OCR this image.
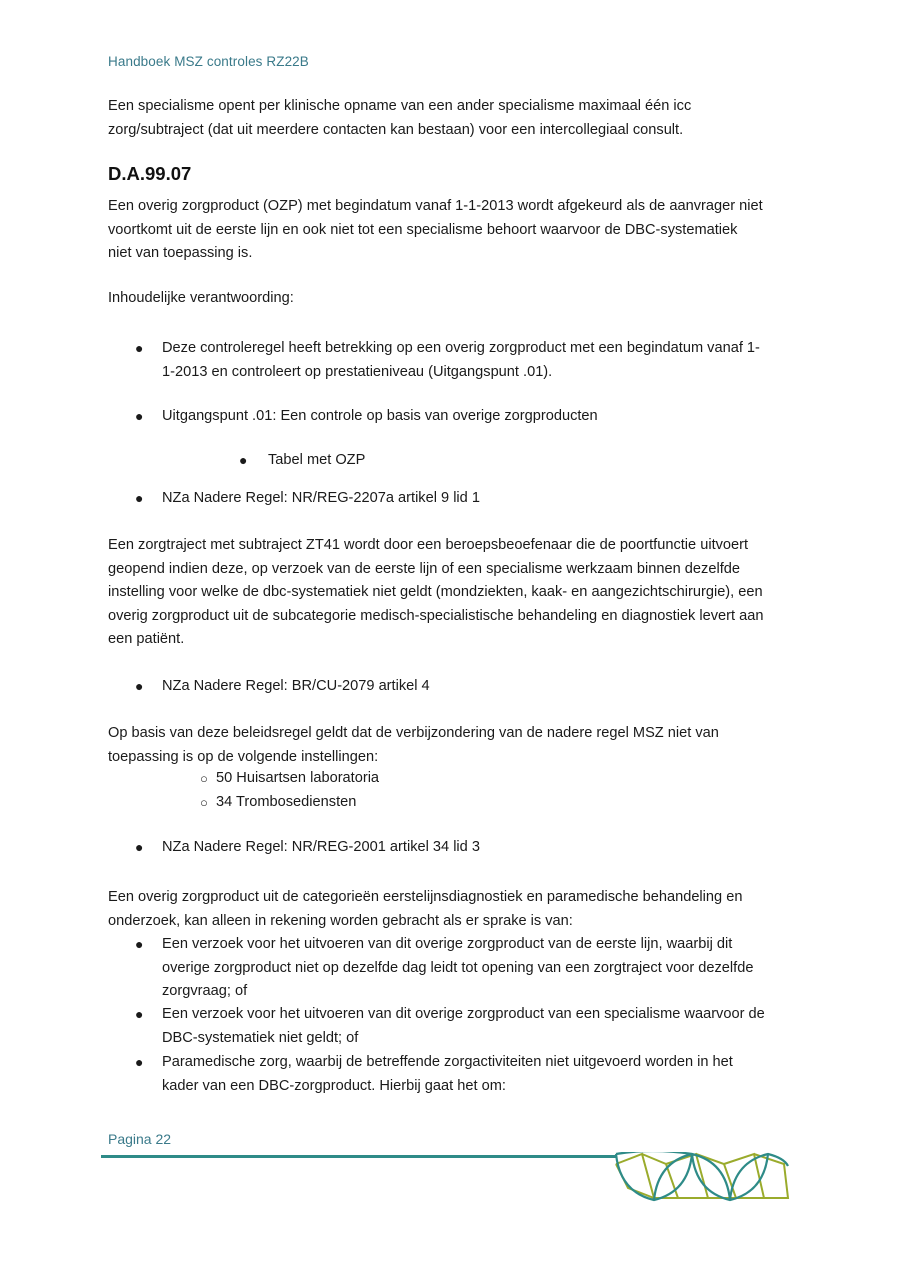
Handboek MSZ controles RZ22B
Een specialisme opent per klinische opname van een ander specialisme maximaal één icc
zorg/subtraject (dat uit meerdere contacten kan bestaan) voor een intercollegiaal consult.
D.A.99.07
Een overig zorgproduct (OZP) met begindatum vanaf 1-1-2013 wordt afgekeurd als de aanvrager niet
voortkomt uit de eerste lijn en ook niet tot een specialisme behoort waarvoor de DBC-systematiek
niet van toepassing is.
Inhoudelijke verantwoording:
● Deze controleregel heeft betrekking op een overig zorgproduct met een begindatum vanaf 1-
1-2013 en controleert op prestatieniveau (Uitgangspunt .01).
● Uitgangspunt .01: Een controle op basis van overige zorgproducten
● Tabel met OZP
● NZa Nadere Regel: NR/REG-2207a artikel 9 lid 1
Een zorgtraject met subtraject ZT41 wordt door een beroepsbeoefenaar die de poortfunctie uitvoert
geopend indien deze, op verzoek van de eerste lijn of een specialisme werkzaam binnen dezelfde
instelling voor welke de dbc-systematiek niet geldt (mondziekten, kaak- en aangezichtschirurgie), een
overig zorgproduct uit de subcategorie medisch-specialistische behandeling en diagnostiek levert aan
een patiënt.
● NZa Nadere Regel: BR/CU-2079 artikel 4
Op basis van deze beleidsregel geldt dat de verbijzondering van de nadere regel MSZ niet van
toepassing is op de volgende instellingen:
○ 50 Huisartsen laboratoria
○ 34 Trombosediensten
● NZa Nadere Regel: NR/REG-2001 artikel 34 lid 3
Een overig zorgproduct uit de categorieën eerstelijnsdiagnostiek en paramedische behandeling en
onderzoek, kan alleen in rekening worden gebracht als er sprake is van:
● Een verzoek voor het uitvoeren van dit overige zorgproduct van de eerste lijn, waarbij dit
overige zorgproduct niet op dezelfde dag leidt tot opening van een zorgtraject voor dezelfde
zorgvraag; of
● Een verzoek voor het uitvoeren van dit overige zorgproduct van een specialisme waarvoor de
DBC-systematiek niet geldt; of
● Paramedische zorg, waarbij de betreffende zorgactiviteiten niet uitgevoerd worden in het
kader van een DBC-zorgproduct. Hierbij gaat het om:
Pagina 22
